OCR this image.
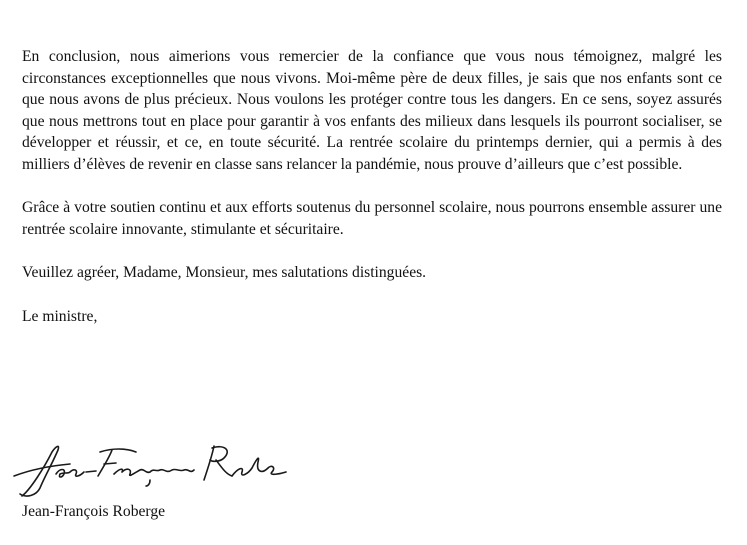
En conclusion, nous aimerions vous remercier de la confiance que vous nous témoignez, malgré les circonstances exceptionnelles que nous vivons. Moi-même père de deux filles, je sais que nos enfants sont ce que nous avons de plus précieux. Nous voulons les protéger contre tous les dangers. En ce sens, soyez assurés que nous mettrons tout en place pour garantir à vos enfants des milieux dans lesquels ils pourront socialiser, se développer et réussir, et ce, en toute sécurité. La rentrée scolaire du printemps dernier, qui a permis à des milliers d’élèves de revenir en classe sans relancer la pandémie, nous prouve d’ailleurs que c’est possible.

Grâce à votre soutien continu et aux efforts soutenus du personnel scolaire, nous pourrons ensemble assurer une rentrée scolaire innovante, stimulante et sécuritaire.

Veuillez agréer, Madame, Monsieur, mes salutations distinguées.

Le ministre,

Jean-François Roberge
